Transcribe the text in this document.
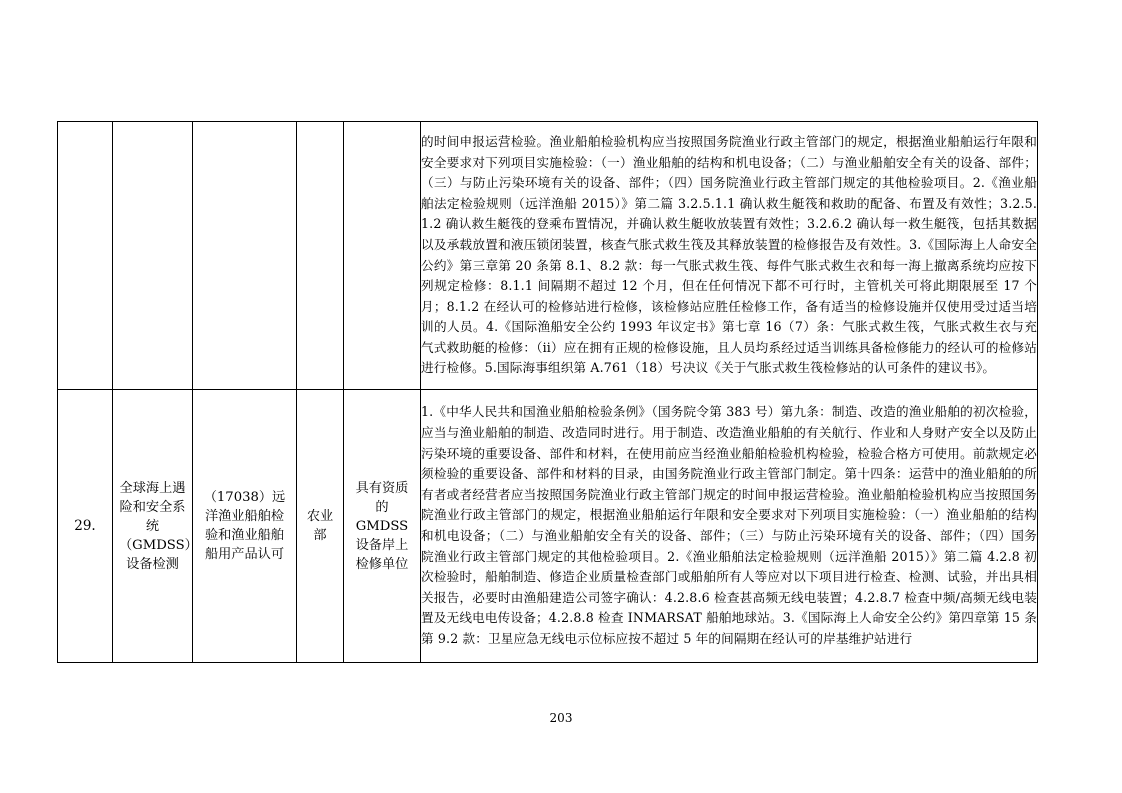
					的时间申报运营检验。渔业船舶检验机构应当按照国务院渔业行政主管部门的规定，根据渔业船舶运行年限和安全要求对下列项目实施检验：（一）渔业船舶的结构和机电设备；（二）与渔业船舶安全有关的设备、部件；（三）与防止污染环境有关的设备、部件；（四）国务院渔业行政主管部门规定的其他检验项目。2.《渔业船舶法定检验规则（远洋渔船 2015）》第二篇 3.2.5.1.1 确认救生艇筏和救助的配备、布置及有效性；3.2.5.1.2 确认救生艇筏的登乘布置情况，并确认救生艇收放装置有效性；3.2.6.2 确认每一救生艇筏，包括其数据以及承载放置和液压锁闭装置，核查气胀式救生筏及其释放装置的检修报告及有效性。3.《国际海上人命安全公约》第三章第 20 条第 8.1、8.2 款：每一气胀式救生筏、每件气胀式救生衣和每一海上撤离系统均应按下列规定检修：8.1.1 间隔期不超过 12 个月，但在任何情况下都不可行时，主管机关可将此期限展至 17 个月；8.1.2 在经认可的检修站进行检修，该检修站应胜任检修工作，备有适当的检修设施并仅使用受过适当培训的人员。4.《国际渔船安全公约 1993 年议定书》第七章 16（7）条：气胀式救生筏，气胀式救生衣与充气式救助艇的检修：（ii）应在拥有正规的检修设施，且人员均系经过适当训练具备检修能力的经认可的检修站进行检修。5.国际海事组织第 A.761（18）号决议《关于气胀式救生筏检修站的认可条件的建议书》。

29.	全球海上遇险和安全系统（GMDSS）设备检测	（17038）远洋渔业船舶检验和渔业船舶船用产品认可	农业部	具有资质的 GMDSS 设备岸上检修单位	1.《中华人民共和国渔业船舶检验条例》（国务院令第 383 号）第九条：制造、改造的渔业船舶的初次检验，应当与渔业船舶的制造、改造同时进行。用于制造、改造渔业船舶的有关航行、作业和人身财产安全以及防止污染环境的重要设备、部件和材料，在使用前应当经渔业船舶检验机构检验，检验合格方可使用。前款规定必须检验的重要设备、部件和材料的目录，由国务院渔业行政主管部门制定。第十四条：运营中的渔业船舶的所有者或者经营者应当按照国务院渔业行政主管部门规定的时间申报运营检验。渔业船舶检验机构应当按照国务院渔业行政主管部门的规定，根据渔业船舶运行年限和安全要求对下列项目实施检验：（一）渔业船舶的结构和机电设备；（二）与渔业船舶安全有关的设备、部件；（三）与防止污染环境有关的设备、部件；（四）国务院渔业行政主管部门规定的其他检验项目。2.《渔业船舶法定检验规则（远洋渔船 2015）》第二篇 4.2.8 初次检验时，船舶制造、修造企业质量检查部门或船舶所有人等应对以下项目进行检查、检测、试验，并出具相关报告，必要时由渔船建造公司签字确认：4.2.8.6 检查甚高频无线电装置；4.2.8.7 检查中频/高频无线电装置及无线电电传设备；4.2.8.8 检查 INMARSAT 船舶地球站。3.《国际海上人命安全公约》第四章第 15 条第 9.2 款：卫星应急无线电示位标应按不超过 5 年的间隔期在经认可的岸基维护站进行
203
